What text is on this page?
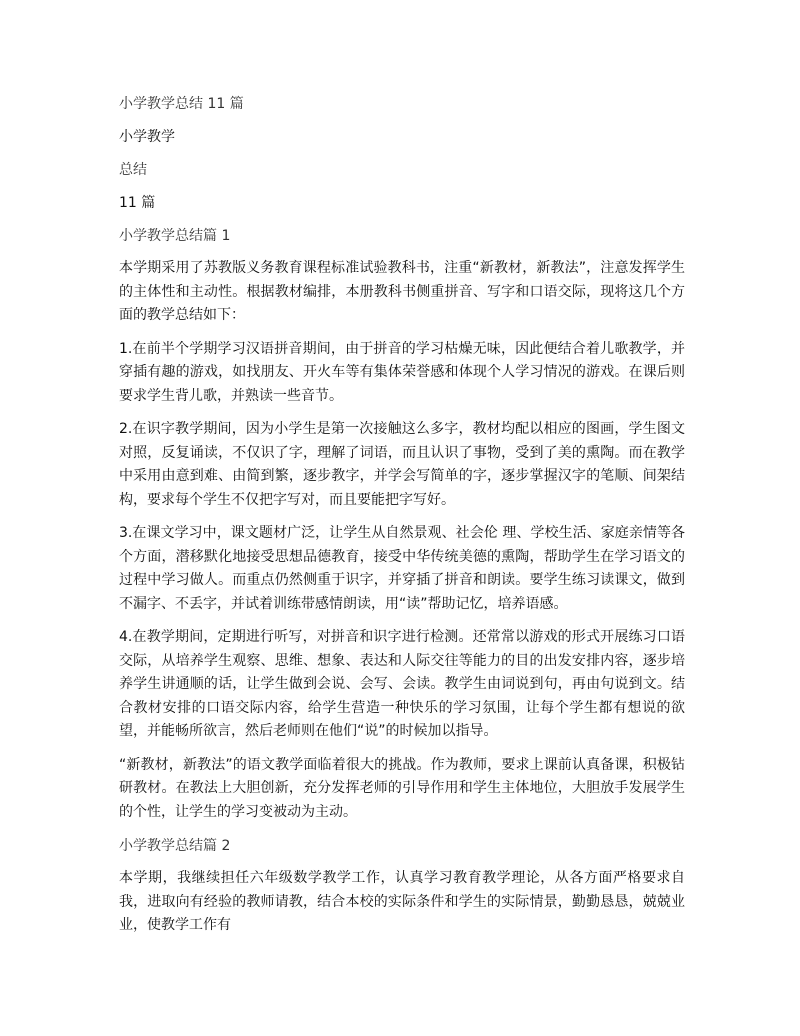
小学教学总结 11 篇
小学教学
总结
11 篇
小学教学总结篇 1

本学期采用了苏教版义务教育课程标准试验教科书，注重“新教材，新教法”，注意发挥学生的主体性和主动性。根据教材编排，本册教科书侧重拼音、写字和口语交际，现将这几个方面的教学总结如下：

1.在前半个学期学习汉语拼音期间，由于拼音的学习枯燥无味，因此便结合着儿歌教学，并穿插有趣的游戏，如找朋友、开火车等有集体荣誉感和体现个人学习情况的游戏。在课后则要求学生背儿歌，并熟读一些音节。

2.在识字教学期间，因为小学生是第一次接触这么多字，教材均配以相应的图画，学生图文对照，反复诵读，不仅识了字，理解了词语，而且认识了事物，受到了美的熏陶。而在教学中采用由意到难、由简到繁，逐步教字，并学会写简单的字，逐步掌握汉字的笔顺、间架结构，要求每个学生不仅把字写对，而且要能把字写好。

3.在课文学习中，课文题材广泛，让学生从自然景观、社会伦 理、学校生活、家庭亲情等各个方面，潜移默化地接受思想品德教育，接受中华传统美德的熏陶，帮助学生在学习语文的过程中学习做人。而重点仍然侧重于识字，并穿插了拼音和朗读。要学生练习读课文，做到不漏字、不丢字，并试着训练带感情朗读，用“读”帮助记忆，培养语感。

4.在教学期间，定期进行听写，对拼音和识字进行检测。还常常以游戏的形式开展练习口语交际，从培养学生观察、思维、想象、表达和人际交往等能力的目的出发安排内容，逐步培养学生讲通顺的话，让学生做到会说、会写、会读。教学生由词说到句，再由句说到文。结合教材安排的口语交际内容，给学生营造一种快乐的学习氛围，让每个学生都有想说的欲 望，并能畅所欲言，然后老师则在他们“说”的时候加以指导。

“新教材，新教法”的语文教学面临着很大的挑战。作为教师，要求上课前认真备课，积极钻研教材。在教法上大胆创新，充分发挥老师的引导作用和学生主体地位，大胆放手发展学生的个性，让学生的学习变被动为主动。

小学教学总结篇 2

本学期，我继续担任六年级数学教学工作，认真学习教育教学理论，从各方面严格要求自我，进取向有经验的教师请教，结合本校的实际条件和学生的实际情景，勤勤恳恳，兢兢业业，使教学工作有
